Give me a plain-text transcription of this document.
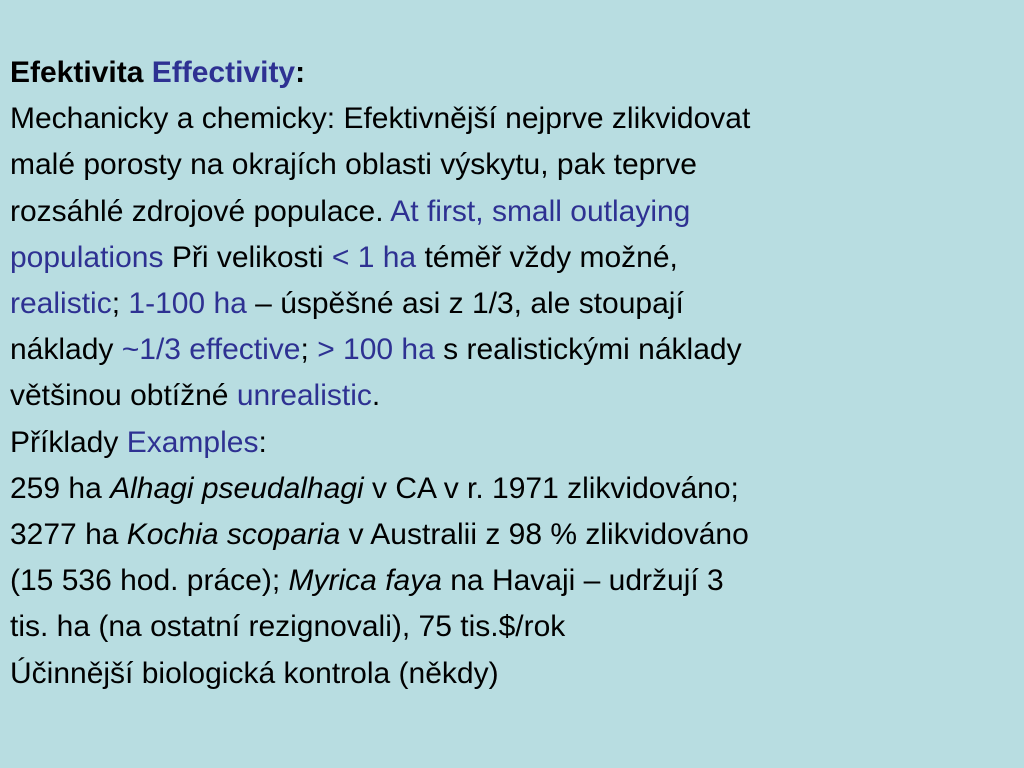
Efektivita Effectivity:
Mechanicky a chemicky: Efektivnější nejprve zlikvidovat
malé porosty na okrajích oblasti výskytu, pak teprve
rozsáhlé zdrojové populace. At first, small outlaying
populations Při velikosti < 1 ha téměř vždy možné,
realistic; 1-100 ha – úspěšné asi z 1/3, ale stoupají
náklady ~1/3 effective; > 100 ha s realistickými náklady
většinou obtížné unrealistic.
Příklady Examples:
259 ha Alhagi pseudalhagi v CA v r. 1971 zlikvidováno;
3277 ha Kochia scoparia v Australii z 98 % zlikvidováno
(15 536 hod. práce); Myrica faya na Havaji – udržují 3
tis. ha (na ostatní rezignovali), 75 tis.$/rok
Účinnější biologická kontrola (někdy)
